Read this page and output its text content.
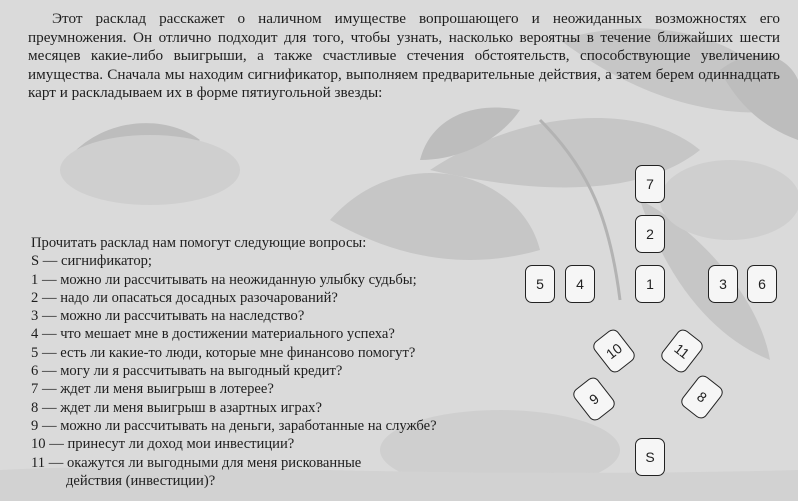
Этот расклад расскажет о наличном имуществе вопрошающего и неожиданных возможностях его преумножения. Он отлично подходит для того, чтобы узнать, насколько вероятны в течение ближайших шести месяцев какие-либо выигрыши, а также счастливые стечения обстоятельств, способствующие увеличению имущества. Сначала мы находим сигнификатор, выполняем предварительные действия, а затем берем одиннадцать карт и раскладываем их в форме пятиугольной звезды:

Прочитать расклад нам помогут следующие вопросы:
S — сигнификатор;
1 — можно ли рассчитывать на неожиданную улыбку судьбы;
2 — надо ли опасаться досадных разочарований?
3 — можно ли рассчитывать на наследство?
4 — что мешает мне в достижении материального успеха?
5 — есть ли какие-то люди, которые мне финансово помогут?
6 — могу ли я рассчитывать на выгодный кредит?
7 — ждет ли меня выигрыш в лотерее?
8 — ждет ли меня выигрыш в азартных играх?
9 — можно ли рассчитывать на деньги, заработанные на службе?
10 — принесут ли доход мои инвестиции?
11 — окажутся ли выгодными для меня рискованные
действия (инвестиции)?
7
2
5	4	1	3	6
10	11
9	8
S
